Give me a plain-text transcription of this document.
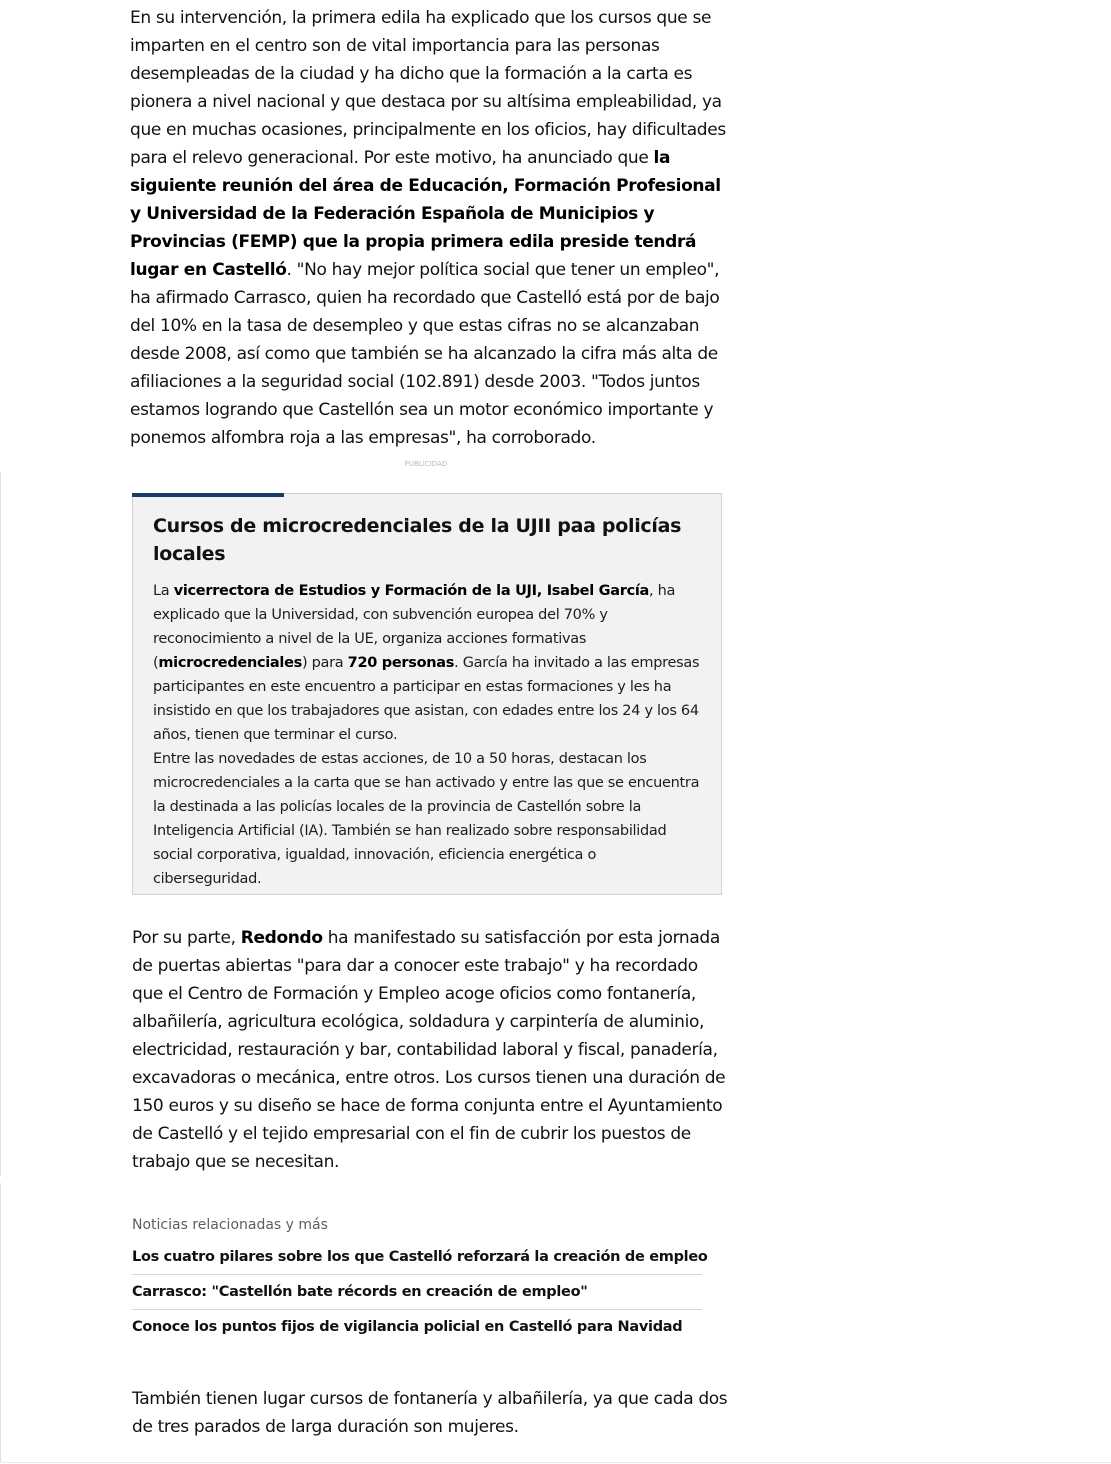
En su intervención, la primera edila ha explicado que los cursos que se imparten en el centro son de vital importancia para las personas desempleadas de la ciudad y ha dicho que la formación a la carta es pionera a nivel nacional y que destaca por su altísima empleabilidad, ya que en muchas ocasiones, principalmente en los oficios, hay dificultades para el relevo generacional. Por este motivo, ha anunciado que la siguiente reunión del área de Educación, Formación Profesional y Universidad de la Federación Española de Municipios y Provincias (FEMP) que la propia primera edila preside tendrá lugar en Castelló. "No hay mejor política social que tener un empleo", ha afirmado Carrasco, quien ha recordado que Castelló está por de bajo del 10% en la tasa de desempleo y que estas cifras no se alcanzaban desde 2008, así como que también se ha alcanzado la cifra más alta de afiliaciones a la seguridad social (102.891) desde 2003. "Todos juntos estamos logrando que Castellón sea un motor económico importante y ponemos alfombra roja a las empresas", ha corroborado.

PUBLICIDAD
Cursos de microcredenciales de la UJII paa policías locales
La vicerrectora de Estudios y Formación de la UJI, Isabel García, ha explicado que la Universidad, con subvención europea del 70% y reconocimiento a nivel de la UE, organiza acciones formativas (microcredenciales) para 720 personas. García ha invitado a las empresas participantes en este encuentro a participar en estas formaciones y les ha insistido en que los trabajadores que asistan, con edades entre los 24 y los 64 años, tienen que terminar el curso.
Entre las novedades de estas acciones, de 10 a 50 horas, destacan los microcredenciales a la carta que se han activado y entre las que se encuentra la destinada a las policías locales de la provincia de Castellón sobre la Inteligencia Artificial (IA). También se han realizado sobre responsabilidad social corporativa, igualdad, innovación, eficiencia energética o ciberseguridad.

Por su parte, Redondo ha manifestado su satisfacción por esta jornada de puertas abiertas "para dar a conocer este trabajo" y ha recordado que el Centro de Formación y Empleo acoge oficios como fontanería, albañilería, agricultura ecológica, soldadura y carpintería de aluminio, electricidad, restauración y bar, contabilidad laboral y fiscal, panadería, excavadoras o mecánica, entre otros. Los cursos tienen una duración de 150 euros y su diseño se hace de forma conjunta entre el Ayuntamiento de Castelló y el tejido empresarial con el fin de cubrir los puestos de trabajo que se necesitan.

Noticias relacionadas y más
Los cuatro pilares sobre los que Castelló reforzará la creación de empleo
Carrasco: "Castellón bate récords en creación de empleo"
Conoce los puntos fijos de vigilancia policial en Castelló para Navidad

También tienen lugar cursos de fontanería y albañilería, ya que cada dos de tres parados de larga duración son mujeres.
